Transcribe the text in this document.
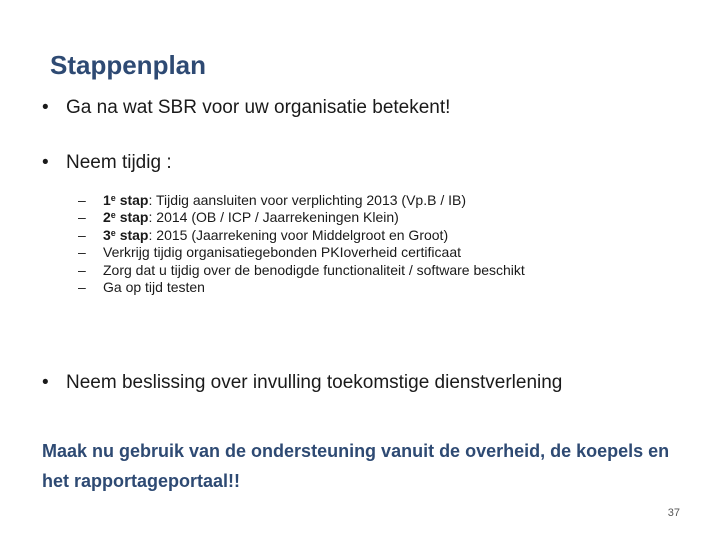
Stappenplan
• Ga na wat SBR voor uw organisatie betekent!
• Neem tijdig :
– 1e stap: Tijdig aansluiten voor verplichting 2013 (Vp.B / IB)
– 2e stap: 2014 (OB / ICP / Jaarrekeningen Klein)
– 3e stap: 2015 (Jaarrekening voor Middelgroot en Groot)
– Verkrijg tijdig organisatiegebonden PKIoverheid certificaat
– Zorg dat u tijdig over de benodigde functionaliteit / software beschikt
– Ga op tijd testen
• Neem beslissing over invulling toekomstige dienstverlening
Maak nu gebruik van de ondersteuning vanuit de overheid, de koepels en het rapportageportaal!!
37
